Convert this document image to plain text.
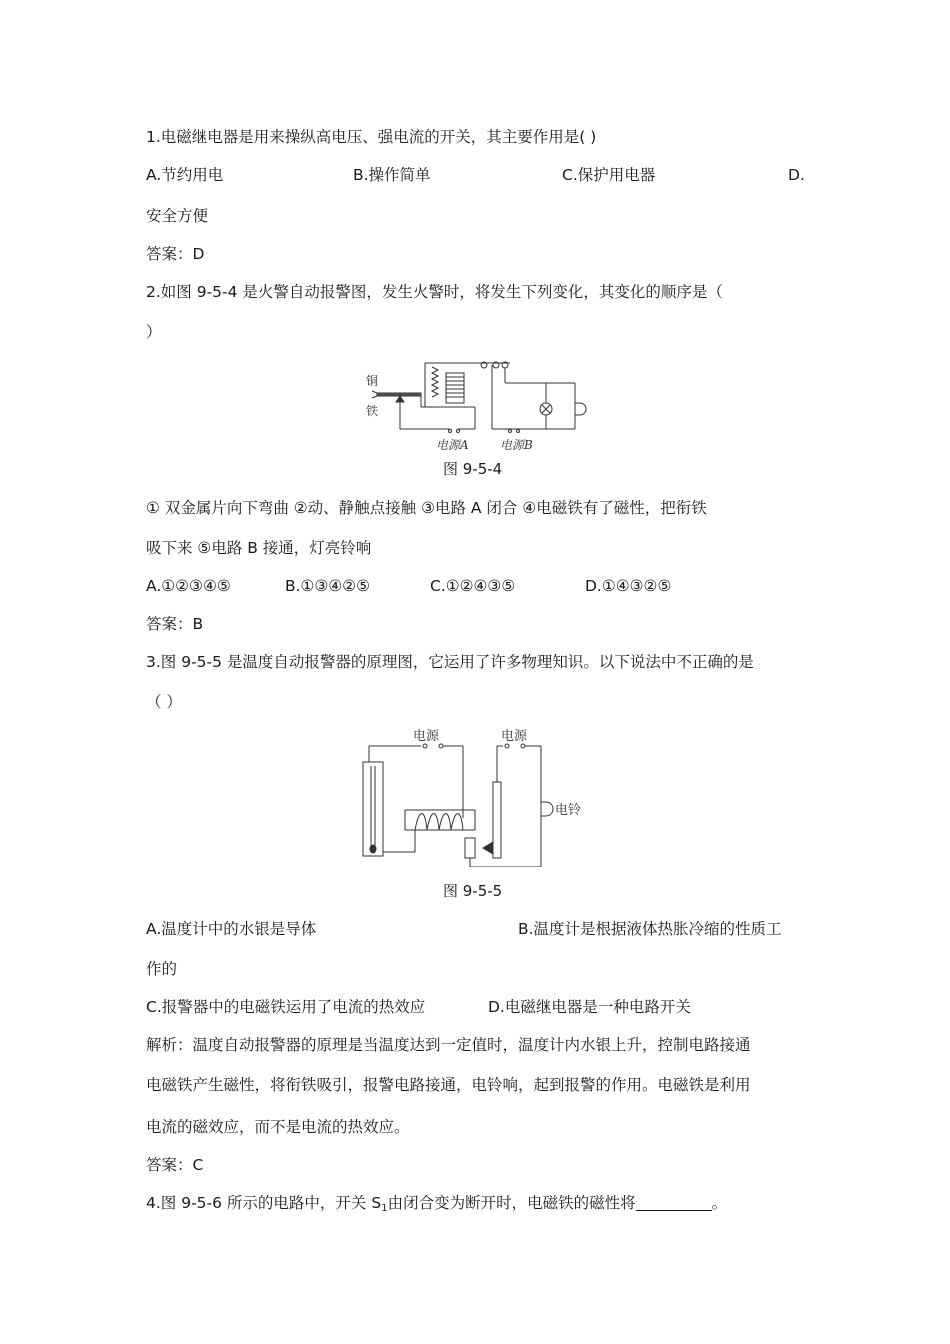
1.电磁继电器是用来操纵高电压、强电流的开关，其主要作用是( )
A.节约用电	B.操作简单	C.保护用电器	D.
安全方便
答案：D
2.如图 9-5-4 是火警自动报警图，发生火警时，将发生下列变化，其变化的顺序是（
）
铜
铁
电源A	电源B
图 9-5-4
① 双金属片向下弯曲 ②动、静触点接触 ③电路 A 闭合 ④电磁铁有了磁性，把衔铁
吸下来 ⑤电路 B 接通，灯亮铃响
A.①②③④⑤	B.①③④②⑤	C.①②④③⑤	D.①④③②⑤
答案：B
3.图 9-5-5 是温度自动报警器的原理图，它运用了许多物理知识。以下说法中不正确的是
（ ）
电源	电源
电铃
图 9-5-5
A.温度计中的水银是导体	B.温度计是根据液体热胀冷缩的性质工
作的
C.报警器中的电磁铁运用了电流的热效应	D.电磁继电器是一种电路开关
解析：温度自动报警器的原理是当温度达到一定值时，温度计内水银上升，控制电路接通
电磁铁产生磁性，将衔铁吸引，报警电路接通，电铃响，起到报警的作用。电磁铁是利用
电流的磁效应，而不是电流的热效应。
答案：C
4.图 9-5-6 所示的电路中，开关 $S_1$由闭合变为断开时，电磁铁的磁性将	。
